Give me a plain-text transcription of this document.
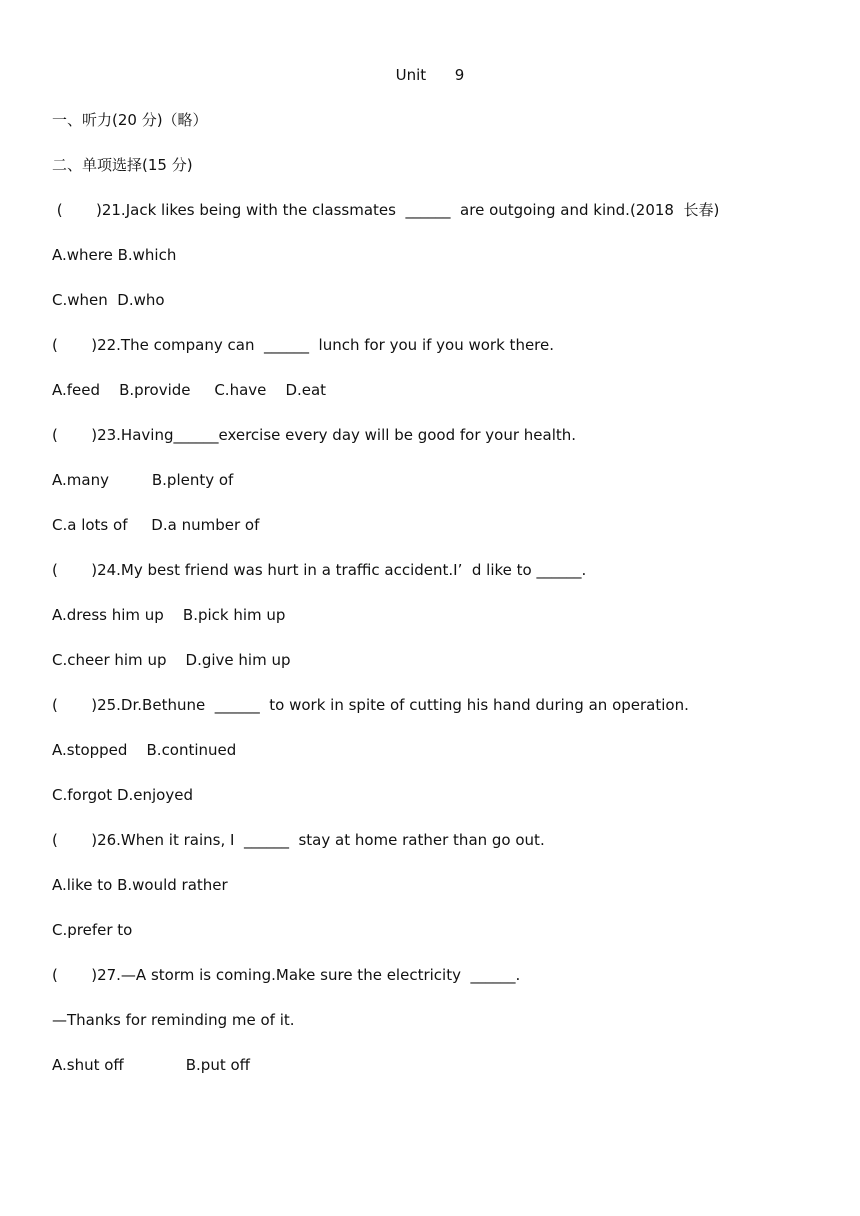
Unit      9
一、听力(20 分)（略）
二、单项选择(15 分)
(       )21.Jack likes being with the classmates  ______  are outgoing and kind.(2018  长春)
A.where B.which
C.when  D.who
(       )22.The company can  ______  lunch for you if you work there.
A.feed    B.provide     C.have    D.eat
(       )23.Having______exercise every day will be good for your health.
A.many         B.plenty of
C.a lots of     D.a number of
(       )24.My best friend was hurt in a traffic accident.I’  d like to ______.
A.dress him up    B.pick him up
C.cheer him up    D.give him up
(       )25.Dr.Bethune  ______  to work in spite of cutting his hand during an operation.
A.stopped    B.continued
C.forgot D.enjoyed
(       )26.When it rains, I  ______  stay at home rather than go out.
A.like to B.would rather
C.prefer to
(       )27.—A storm is coming.Make sure the electricity  ______.
—Thanks for reminding me of it.
A.shut off             B.put off
